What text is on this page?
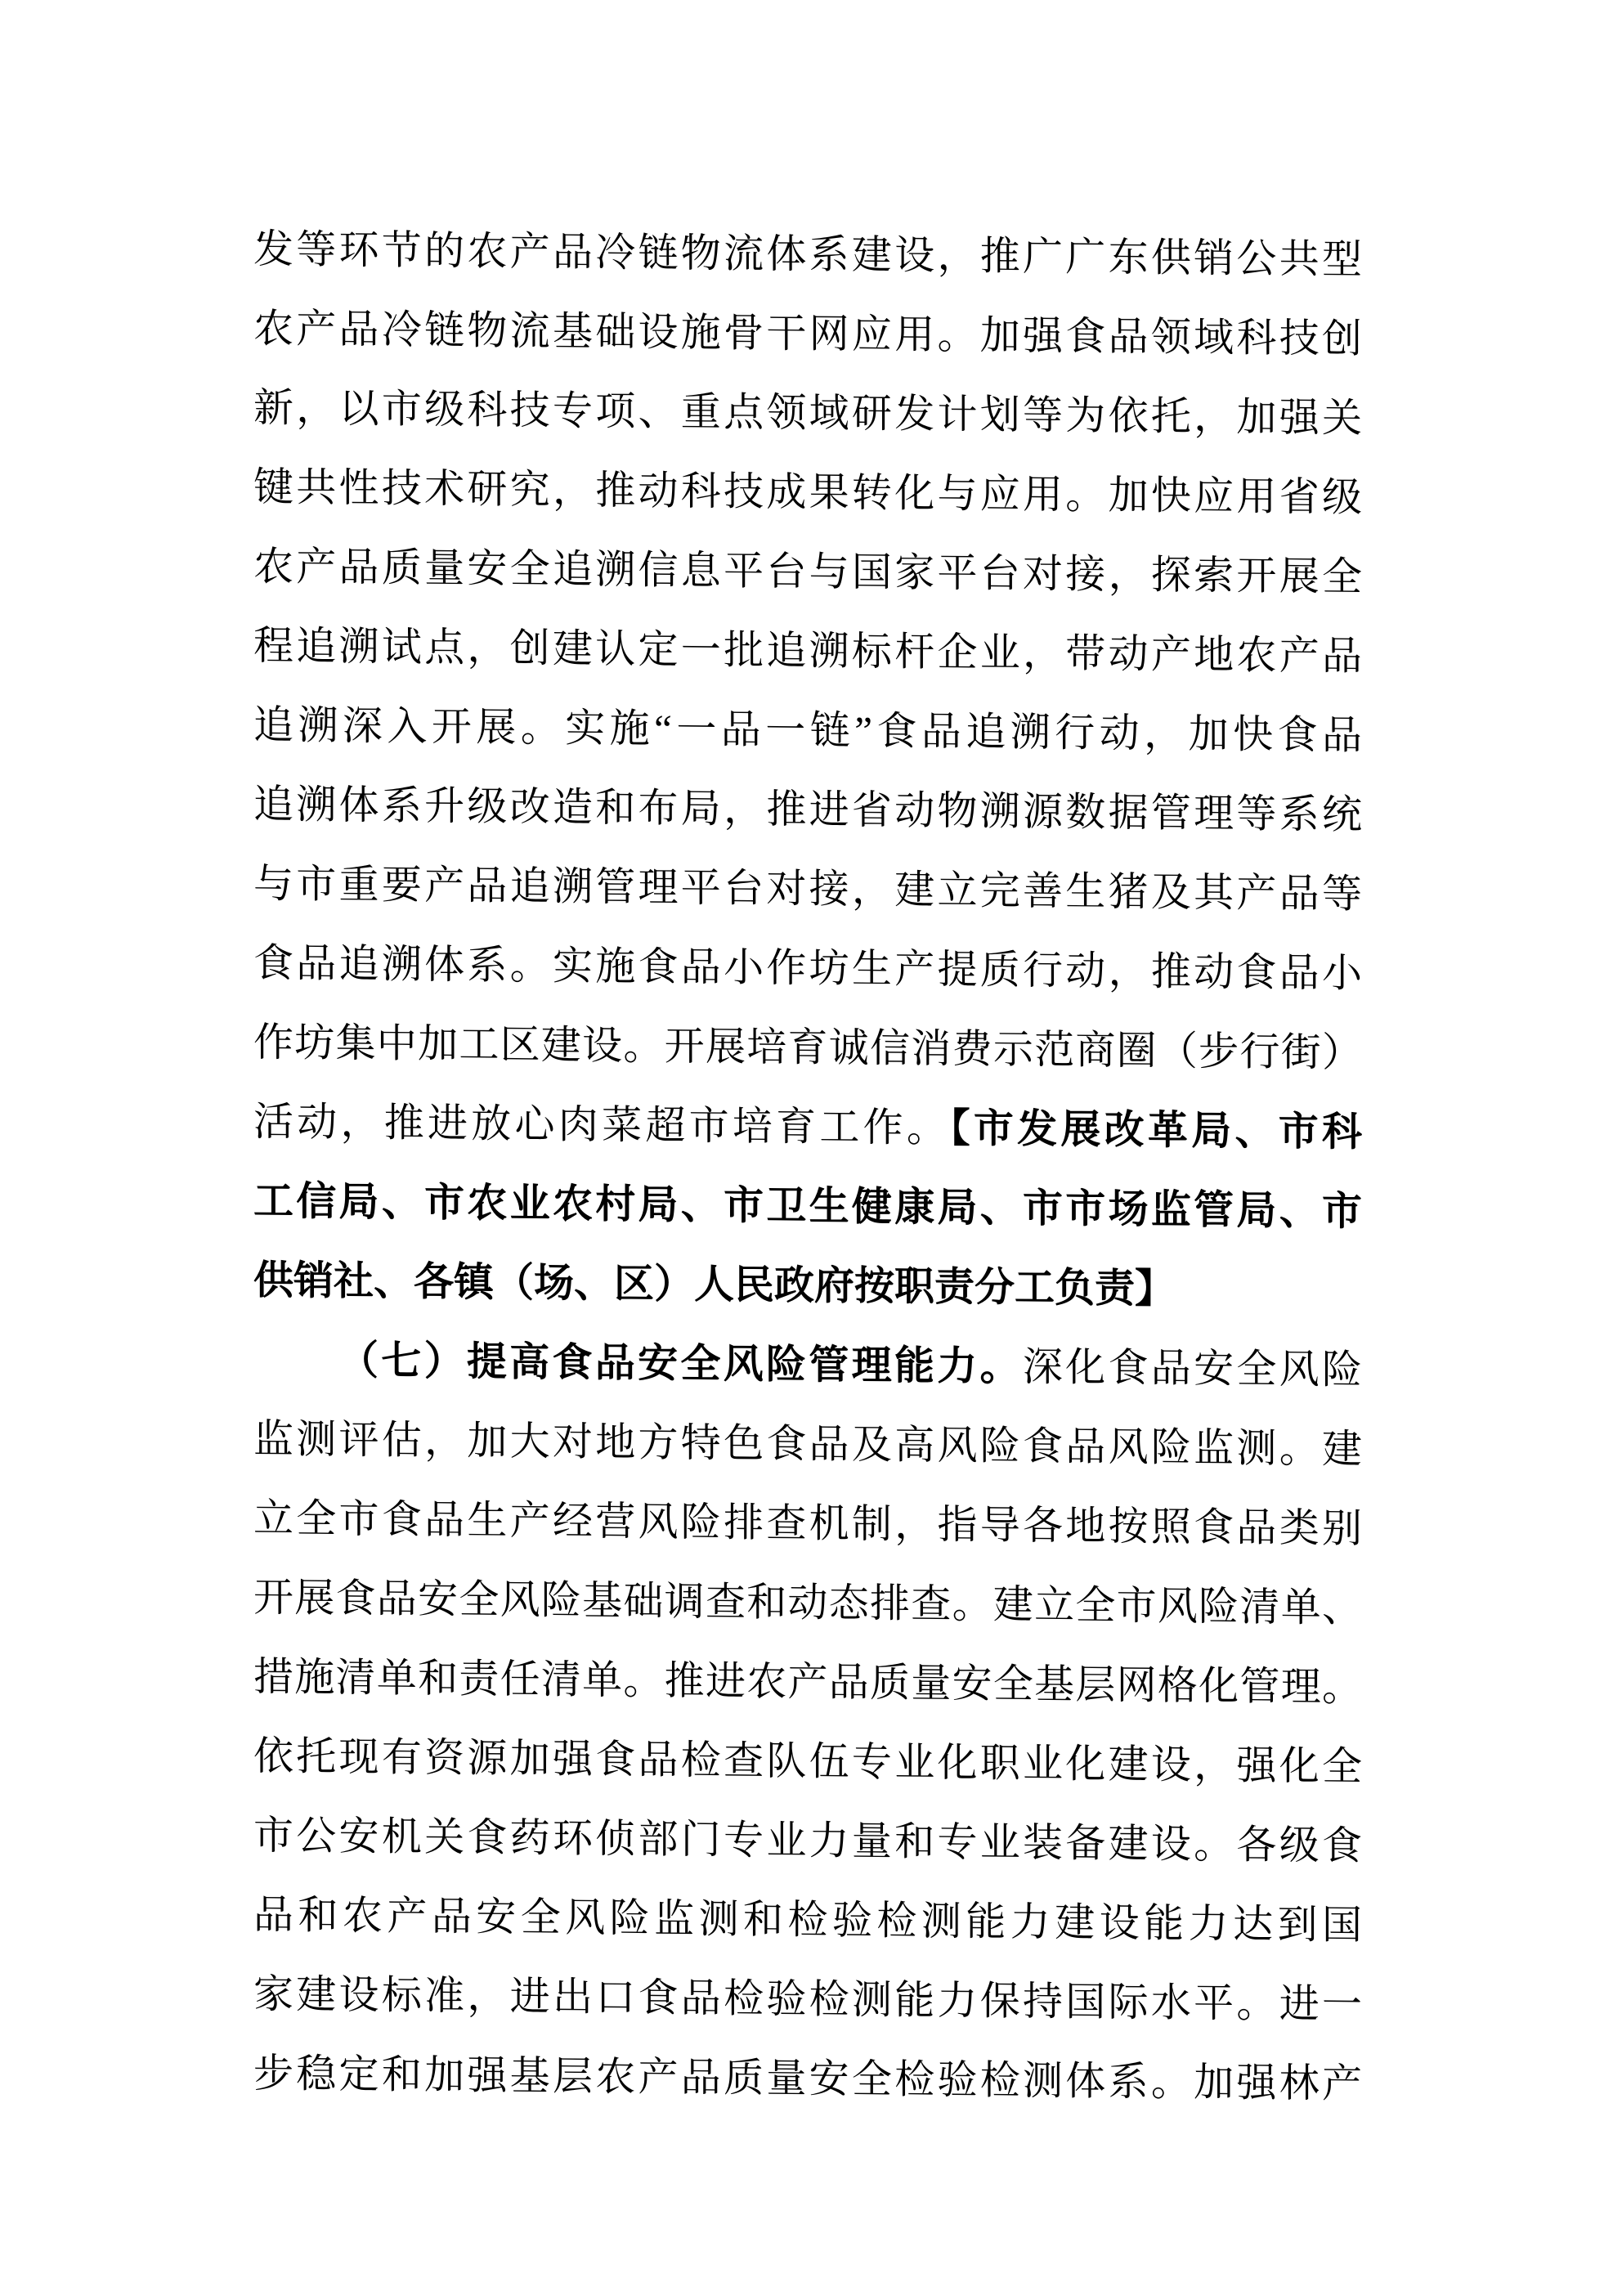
发等环节的农产品冷链物流体系建设，推广广东供销公共型
农产品冷链物流基础设施骨干网应用。加强食品领域科技创
新，以市级科技专项、重点领域研发计划等为依托，加强关
键共性技术研究，推动科技成果转化与应用。加快应用省级
农产品质量安全追溯信息平台与国家平台对接，探索开展全
程追溯试点，创建认定一批追溯标杆企业，带动产地农产品
追溯深入开展。实施“一品一链”食品追溯行动，加快食品
追溯体系升级改造和布局，推进省动物溯源数据管理等系统
与市重要产品追溯管理平台对接，建立完善生猪及其产品等
食品追溯体系。实施食品小作坊生产提质行动，推动食品小
作坊集中加工区建设。开展培育诚信消费示范商圈（步行街）
活动，推进放心肉菜超市培育工作。【市发展改革局、市科
工信局、市农业农村局、市卫生健康局、市市场监管局、市
供销社、各镇（场、区）人民政府按职责分工负责】
（七）提高食品安全风险管理能力。深化食品安全风险
监测评估，加大对地方特色食品及高风险食品风险监测。建
立全市食品生产经营风险排查机制，指导各地按照食品类别
开展食品安全风险基础调查和动态排查。建立全市风险清单、
措施清单和责任清单。推进农产品质量安全基层网格化管理。
依托现有资源加强食品检查队伍专业化职业化建设，强化全
市公安机关食药环侦部门专业力量和专业装备建设。各级食
品和农产品安全风险监测和检验检测能力建设能力达到国
家建设标准，进出口食品检验检测能力保持国际水平。进一
步稳定和加强基层农产品质量安全检验检测体系。加强林产
